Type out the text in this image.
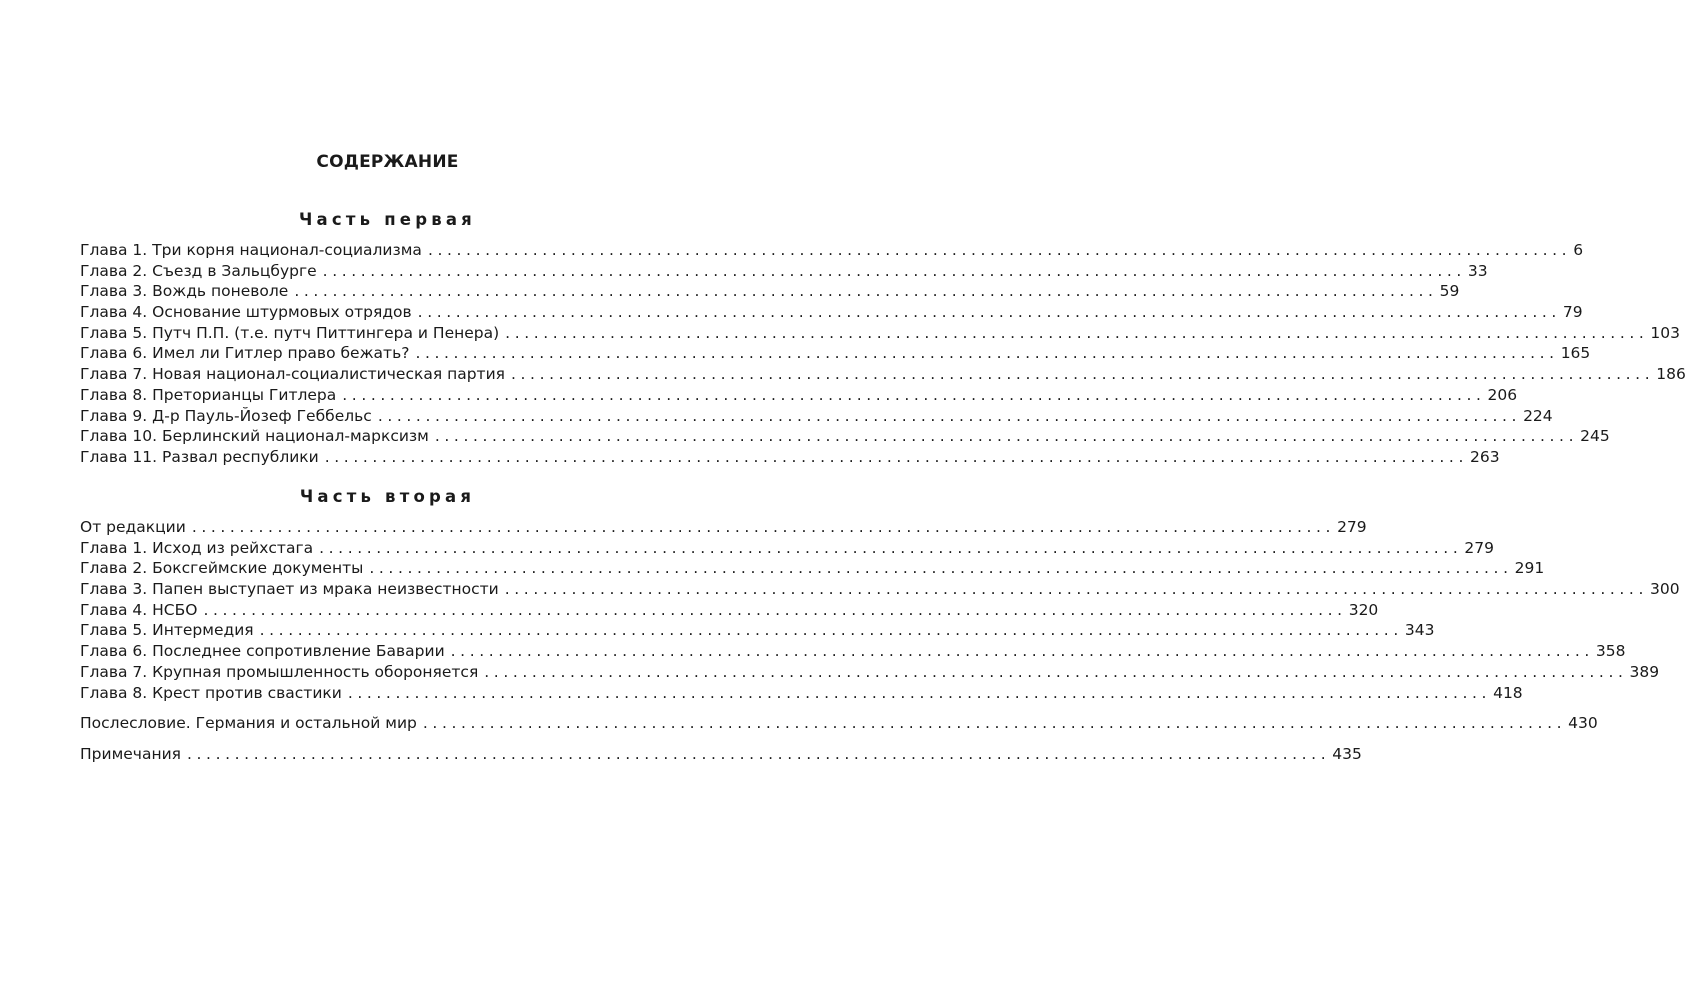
СОДЕРЖАНИЕ
Часть первая
Глава 1. Три корня национал-социализма ........................................................................................................................ 6
Глава 2. Съезд в Зальцбурге ........................................................................................................................ 33
Глава 3. Вождь поневоле ........................................................................................................................ 59
Глава 4. Основание штурмовых отрядов ........................................................................................................................ 79
Глава 5. Путч П.П. (т.е. путч Питтингера и Пенера) ........................................................................................................................ 103
Глава 6. Имел ли Гитлер право бежать? ........................................................................................................................ 165
Глава 7. Новая национал-социалистическая партия ........................................................................................................................ 186
Глава 8. Преторианцы Гитлера ........................................................................................................................ 206
Глава 9. Д-р Пауль-Йозеф Геббельс ........................................................................................................................ 224
Глава 10. Берлинский национал-марксизм ........................................................................................................................ 245
Глава 11. Развал республики ........................................................................................................................ 263
Часть вторая
От редакции ........................................................................................................................ 279
Глава 1. Исход из рейхстага ........................................................................................................................ 279
Глава 2. Боксгеймские документы ........................................................................................................................ 291
Глава 3. Папен выступает из мрака неизвестности ........................................................................................................................ 300
Глава 4. НСБО ........................................................................................................................ 320
Глава 5. Интермедия ........................................................................................................................ 343
Глава 6. Последнее сопротивление Баварии ........................................................................................................................ 358
Глава 7. Крупная промышленность обороняется ........................................................................................................................ 389
Глава 8. Крест против свастики ........................................................................................................................ 418
Послесловие. Германия и остальной мир ........................................................................................................................ 430
Примечания ........................................................................................................................ 435
